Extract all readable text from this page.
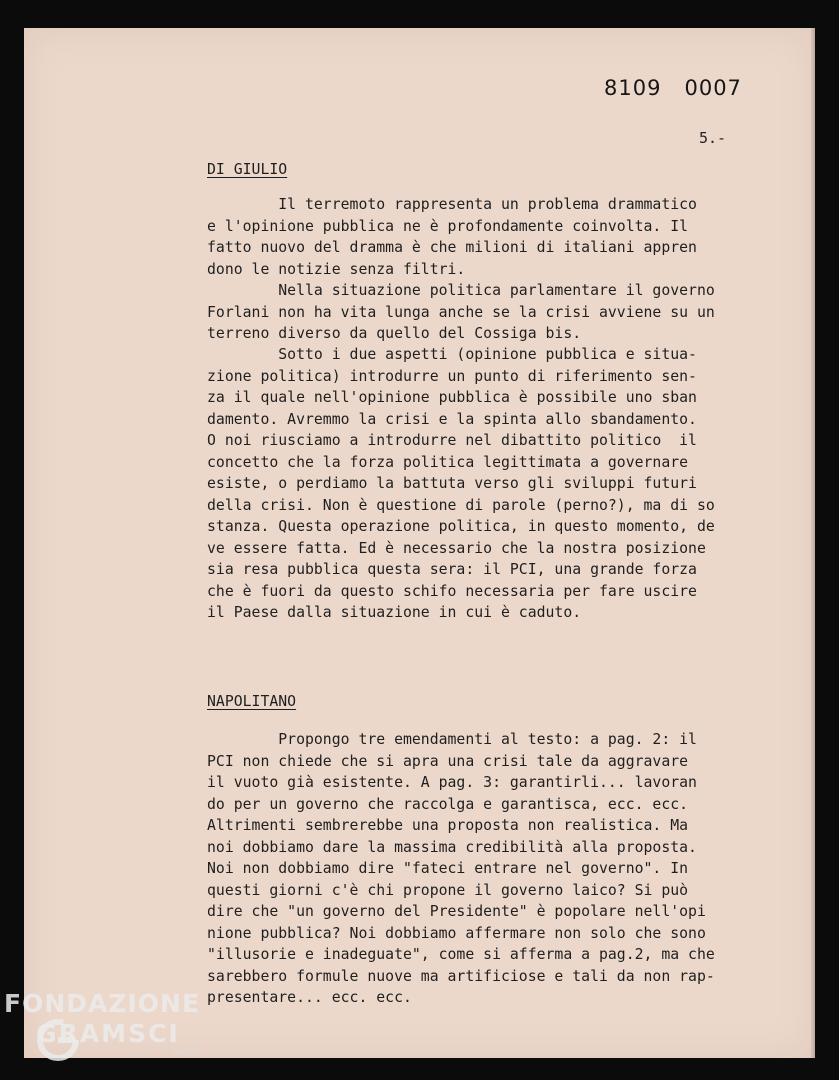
8109   0007
5.-
DI GIULIO
Il terremoto rappresenta un problema drammatico
e l'opinione pubblica ne è profondamente coinvolta. Il
fatto nuovo del dramma è che milioni di italiani appren
dono le notizie senza filtri.
Nella situazione politica parlamentare il governo
Forlani non ha vita lunga anche se la crisi avviene su un
terreno diverso da quello del Cossiga bis.
Sotto i due aspetti (opinione pubblica e situa-
zione politica) introdurre un punto di riferimento sen-
za il quale nell'opinione pubblica è possibile uno sban
damento. Avremmo la crisi e la spinta allo sbandamento.
O noi riusciamo a introdurre nel dibattito politico  il
concetto che la forza politica legittimata a governare
esiste, o perdiamo la battuta verso gli sviluppi futuri
della crisi. Non è questione di parole (perno?), ma di so
stanza. Questa operazione politica, in questo momento, de
ve essere fatta. Ed è necessario che la nostra posizione
sia resa pubblica questa sera: il PCI, una grande forza
che è fuori da questo schifo necessaria per fare uscire
il Paese dalla situazione in cui è caduto.
NAPOLITANO
Propongo tre emendamenti al testo: a pag. 2: il
PCI non chiede che si apra una crisi tale da aggravare
il vuoto già esistente. A pag. 3: garantirli... lavoran
do per un governo che raccolga e garantisca, ecc. ecc.
Altrimenti sembrerebbe una proposta non realistica. Ma
noi dobbiamo dare la massima credibilità alla proposta.
Noi non dobbiamo dire "fateci entrare nel governo". In
questi giorni c'è chi propone il governo laico? Si può
dire che "un governo del Presidente" è popolare nell'opi
nione pubblica? Noi dobbiamo affermare non solo che sono
"illusorie e inadeguate", come si afferma a pag.2, ma che
sarebbero formule nuove ma artificiose e tali da non rap-
presentare... ecc. ecc.
FONDAZIONE
GRAMSCI
onlus
